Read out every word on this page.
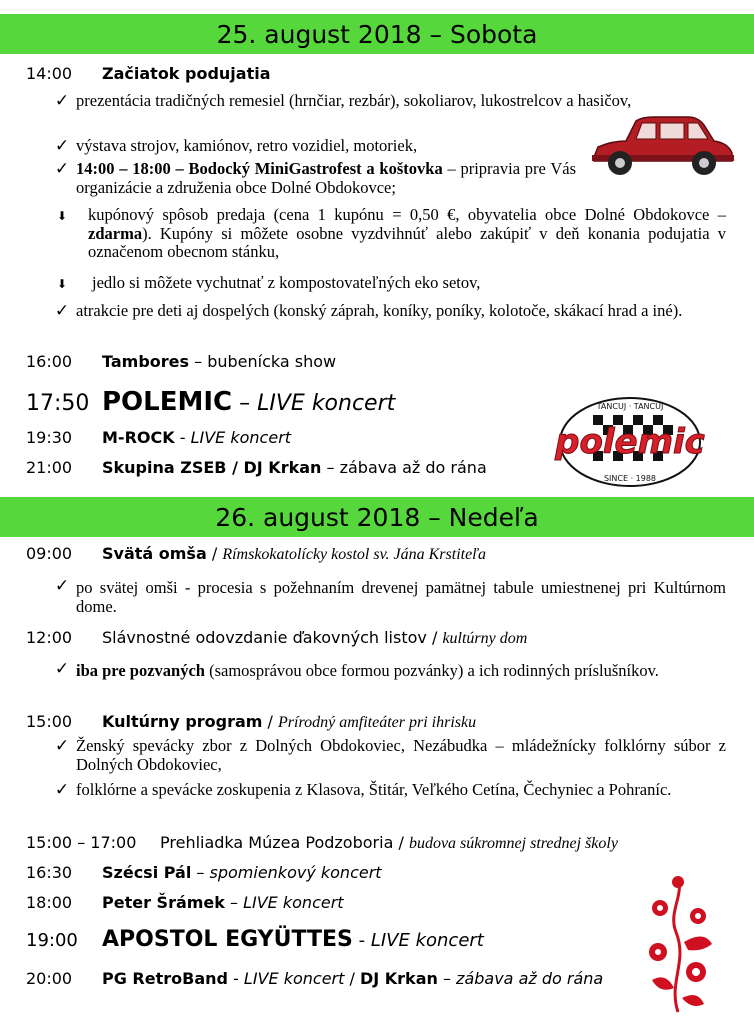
25. august 2018 – Sobota
14:00 Začiatok podujatia
✓ prezentácia tradičných remesiel (hrnčiar, rezbár), sokoliarov, lukostrelcov a hasičov,
✓ výstava strojov, kamiónov, retro vozidiel, motoriek,
✓ 14:00 – 18:00 – Bodocký MiniGastrofest a koštovka – pripravia pre Vás organizácie a združenia obce Dolné Obdokovce;
⬇	kupónový spôsob predaja (cena 1 kupónu = 0,50 €, obyvatelia obce Dolné Obdokovce – zdarma). Kupóny si môžete osobne vyzdvihnúť alebo zakúpiť v deň konania podujatia v označenom obecnom stánku,
⬇	jedlo si môžete vychutnať z kompostovateľných eko setov,
✓ atrakcie pre deti aj dospelých (konský záprah, koníky, poníky, kolotoče, skákací hrad a iné).
16:00 Tambores – bubenícka show
17:50 POLEMIC – LIVE koncert
19:30 M-ROCK - LIVE koncert
21:00 Skupina ZSEB / DJ Krkan – zábava až do rána
TANCUJ · TANCUJ
polemic
SINCE · 1988
26. august 2018 – Nedeľa
09:00 Svätá omša / Rímskokatolícky kostol sv. Jána Krstiteľa
✓ po svätej omši - procesia s požehnaním drevenej pamätnej tabule umiestnenej pri Kultúrnom dome.
12:00 Slávnostné odovzdanie ďakovných listov / kultúrny dom
✓ iba pre pozvaných (samosprávou obce formou pozvánky) a ich rodinných príslušníkov.
15:00 Kultúrny program / Prírodný amfiteáter pri ihrisku
✓ Ženský spevácky zbor z Dolných Obdokoviec, Nezábudka – mládežnícky folklórny súbor z Dolných Obdokoviec,
✓ folklórne a spevácke zoskupenia z Klasova, Štitár, Veľkého Cetína, Čechyniec a Pohraníc.
15:00 – 17:00 Prehliadka Múzea Podzoboria / budova súkromnej strednej školy
16:30 Szécsi Pál – spomienkový koncert
18:00 Peter Šrámek – LIVE koncert
19:00 APOSTOL EGYÜTTES - LIVE koncert
20:00 PG RetroBand - LIVE koncert / DJ Krkan – zábava až do rána
